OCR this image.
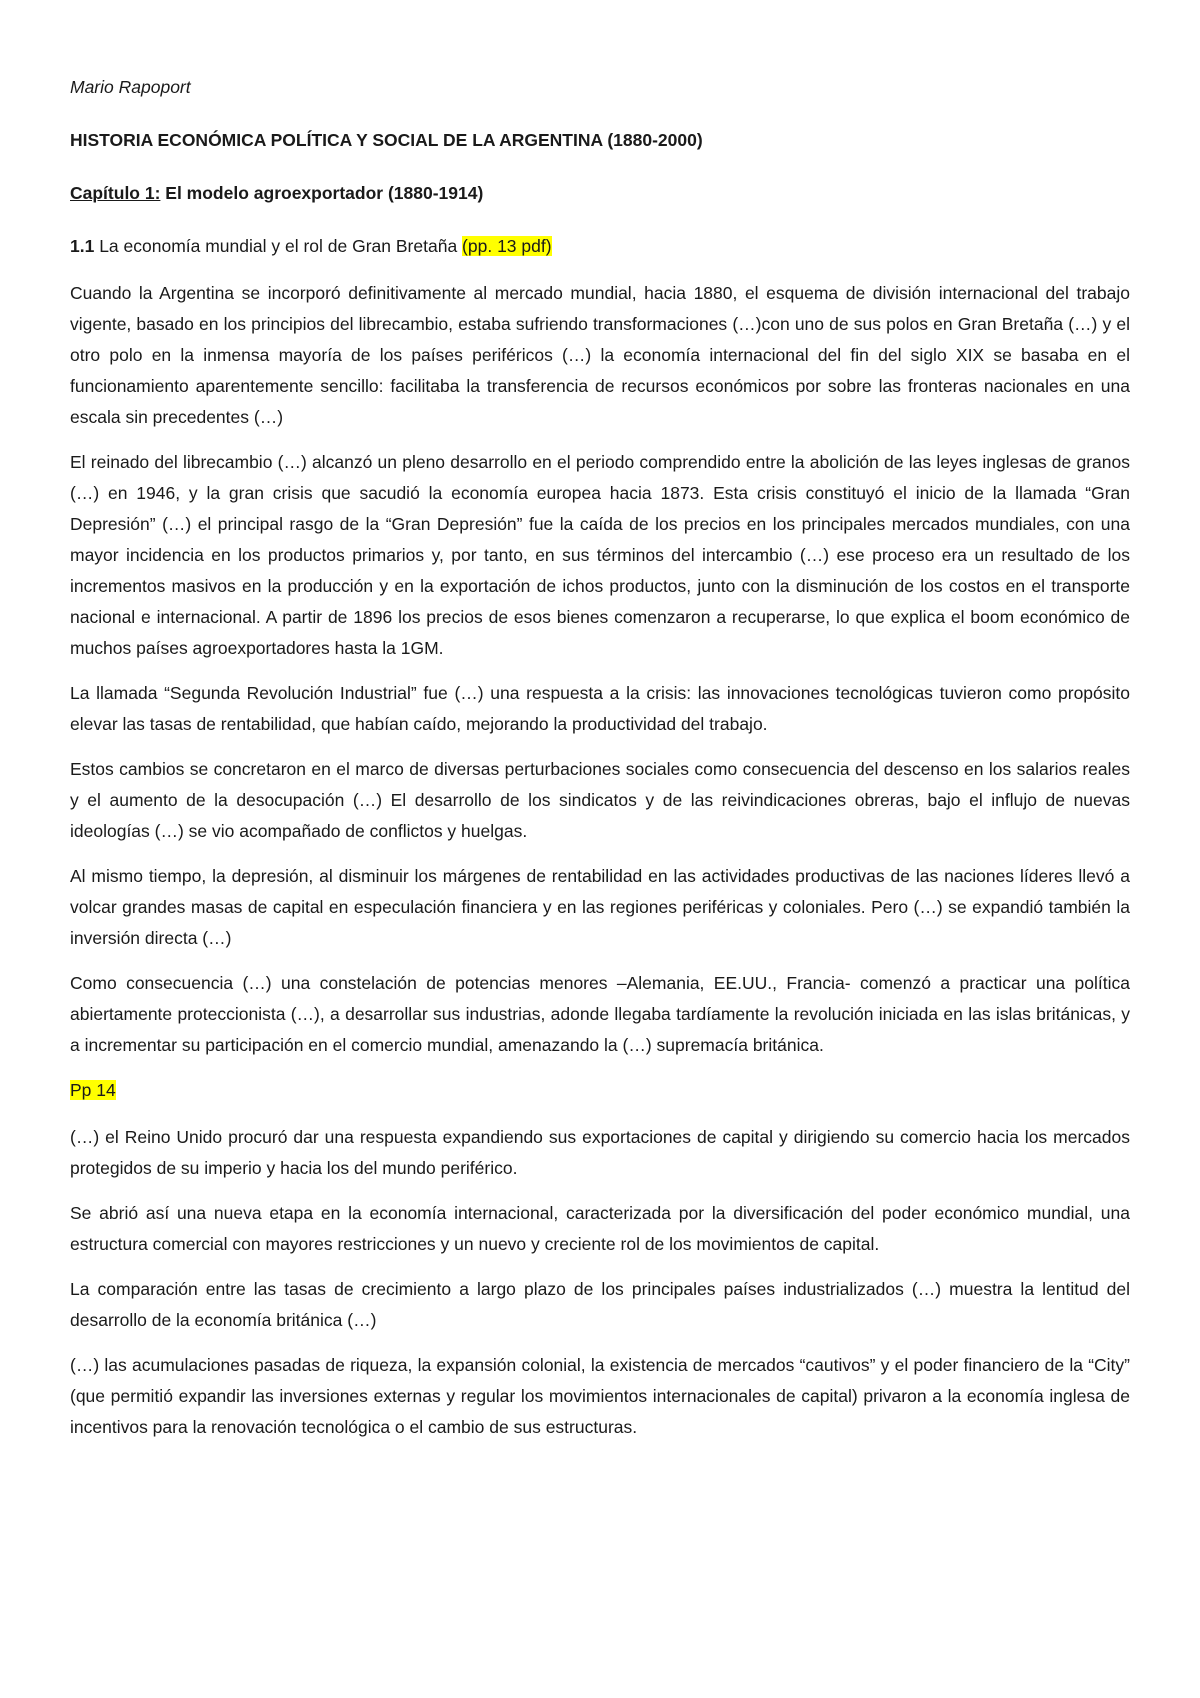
Mario Rapoport

HISTORIA ECONÓMICA POLÍTICA Y SOCIAL DE LA ARGENTINA (1880-2000)

Capítulo 1: El modelo agroexportador (1880-1914)

1.1 La economía mundial y el rol de Gran Bretaña (pp. 13 pdf)

Cuando la Argentina se incorporó definitivamente al mercado mundial, hacia 1880, el esquema de división internacional del trabajo vigente, basado en los principios del librecambio, estaba sufriendo transformaciones (…)con uno de sus polos en Gran Bretaña (…) y el otro polo en la inmensa mayoría de los países periféricos (…) la economía internacional del fin del siglo XIX se basaba en el funcionamiento aparentemente sencillo: facilitaba la transferencia de recursos económicos por sobre las fronteras nacionales en una escala sin precedentes (…)

El reinado del librecambio (…) alcanzó un pleno desarrollo en el periodo comprendido entre la abolición de las leyes inglesas de granos (…) en 1946, y la gran crisis que sacudió la economía europea hacia 1873. Esta crisis constituyó el inicio de la llamada “Gran Depresión” (…) el principal rasgo de la “Gran Depresión” fue la caída de los precios en los principales mercados mundiales, con una mayor incidencia en los productos primarios y, por tanto, en sus términos del intercambio (…) ese proceso era un resultado de los incrementos masivos en la producción y en la exportación de ichos productos, junto con la disminución de los costos en el transporte nacional e internacional. A partir de 1896 los precios de esos bienes comenzaron a recuperarse, lo que explica el boom económico de muchos países agroexportadores hasta la 1GM.

La llamada “Segunda Revolución Industrial” fue (…) una respuesta a la crisis: las innovaciones tecnológicas tuvieron como propósito elevar las tasas de rentabilidad, que habían caído, mejorando la productividad del trabajo.

Estos cambios se concretaron en el marco de diversas perturbaciones sociales como consecuencia del descenso en los salarios reales y el aumento de la desocupación (…) El desarrollo de los sindicatos y de las reivindicaciones obreras, bajo el influjo de nuevas ideologías (…) se vio acompañado de conflictos y huelgas.

Al mismo tiempo, la depresión, al disminuir los márgenes de rentabilidad en las actividades productivas de las naciones líderes llevó a volcar grandes masas de capital en especulación financiera y en las regiones periféricas y coloniales. Pero (…) se expandió también la inversión directa (…)

Como consecuencia (…) una constelación de potencias menores –Alemania, EE.UU., Francia- comenzó a practicar una política abiertamente proteccionista (…), a desarrollar sus industrias, adonde llegaba tardíamente la revolución iniciada en las islas británicas, y a incrementar su participación en el comercio mundial, amenazando la (…) supremacía británica.

Pp 14

(…) el Reino Unido procuró dar una respuesta expandiendo sus exportaciones de capital y dirigiendo su comercio hacia los mercados protegidos de su imperio y hacia los del mundo periférico.

Se abrió así una nueva etapa en la economía internacional, caracterizada por la diversificación del poder económico mundial, una estructura comercial con mayores restricciones y un nuevo y creciente rol de los movimientos de capital.

La comparación entre las tasas de crecimiento a largo plazo de los principales países industrializados (…) muestra la lentitud del desarrollo de la economía británica (…)

(…) las acumulaciones pasadas de riqueza, la expansión colonial, la existencia de mercados “cautivos” y el poder financiero de la “City” (que permitió expandir las inversiones externas y regular los movimientos internacionales de capital) privaron a la economía inglesa de incentivos para la renovación tecnológica o el cambio de sus estructuras.
